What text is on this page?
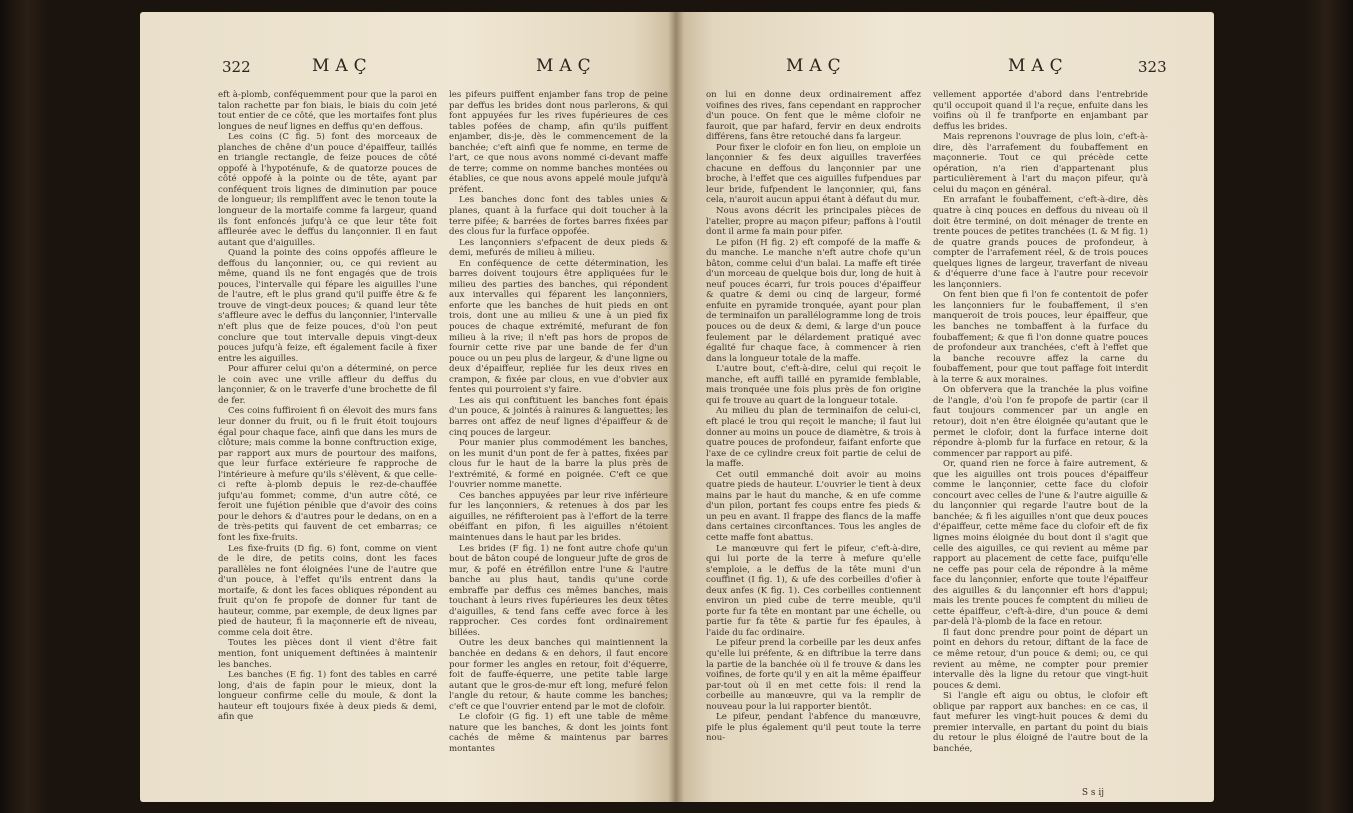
322	MAÇ	MAÇ

eft à-plomb, conféquemment pour que la paroi en talon rachette par fon biais, le biais du coin jeté tout entier de ce côté, que les mortaifes font plus longues de neuf lignes en deffus qu'en deffous.

Les coins (C fig. 5) font des morceaux de planches de chêne d'un pouce d'épaiffeur, taillés en triangle rectangle, de feize pouces de côté oppofé à l'hypoténufe, & de quatorze pouces de côté oppofé à la pointe ou de tête, ayant par conféquent trois lignes de diminution par pouce de longueur; ils rempliffent avec le tenon toute la longueur de la mortaife comme fa largeur, quand ils font enfoncés jufqu'à ce que leur tête foit affleurée avec le deffus du lançonnier. Il en faut autant que d'aiguilles.

Quand la pointe des coins oppofés affleure le deffous du lançonnier, ou, ce qui revient au même, quand ils ne font engagés que de trois pouces, l'intervalle qui fépare les aiguilles l'une de l'autre, eft le plus grand qu'il puiffe être & fe trouve de vingt-deux pouces; & quand leur tête s'affleure avec le deffus du lançonnier, l'intervalle n'eft plus que de feize pouces, d'où l'on peut conclure que tout intervalle depuis vingt-deux pouces jufqu'à feize, eft également facile à fixer entre les aiguilles.

Pour affurer celui qu'on a déterminé, on perce le coin avec une vrille affleur du deffus du lançonnier, & on le traverfe d'une brochette de fil de fer.

Ces coins fuffiroient fi on élevoit des murs fans leur donner du fruit, ou fi le fruit étoit toujours égal pour chaque face, ainfi que dans les murs de clôture; mais comme la bonne conftruction exige, par rapport aux murs de pourtour des maifons, que leur furface extérieure fe rapproche de l'intérieure à mefure qu'ils s'élèvent, & que celle-ci refte à-plomb depuis le rez-de-chauffée jufqu'au fommet; comme, d'un autre côté, ce feroit une fujétion pénible que d'avoir des coins pour le dehors & d'autres pour le dedans, on en a de très-petits qui fauvent de cet embarras; ce font les fixe-fruits.

Les fixe-fruits (D fig. 6) font, comme on vient de le dire, de petits coins, dont les faces parallèles ne font éloignées l'une de l'autre que d'un pouce, à l'effet qu'ils entrent dans la mortaife, & dont les faces obliques répondent au fruit qu'on fe propofe de donner fur tant de hauteur, comme, par exemple, de deux lignes par pied de hauteur, fi la maçonnerie eft de niveau, comme cela doit être.

Toutes les pièces dont il vient d'être fait mention, font uniquement deftinées à maintenir les banches.

Les banches (E fig. 1) font des tables en carré long, d'ais de fapin pour le mieux, dont la longueur confirme celle du moule, & dont la hauteur eft toujours fixée à deux pieds & demi, afin que

les pifeurs puiffent enjamber fans trop de peine par deffus les brides dont nous parlerons, & qui font appuyées fur les rives fupérieures de ces tables pofées de champ, afin qu'ils puiffent enjamber, dis-je, dès le commencement de la banchée; c'eft ainfi que fe nomme, en terme de l'art, ce que nous avons nommé ci-devant maffe de terre; comme on nomme banches montées ou établies, ce que nous avons appelé moule jufqu'à préfent.

Les banches donc font des tables unies & planes, quant à la furface qui doit toucher à la terre pifée; & barrées de fortes barres fixées par des clous fur la furface oppofée.

Les lançonniers s'efpacent de deux pieds & demi, mefurés de milieu à milieu.

En conféquence de cette détermination, les barres doivent toujours être appliquées fur le milieu des parties des banches, qui répondent aux intervalles qui féparent les lançonniers, enforte que les banches de huit pieds en ont trois, dont une au milieu & une à un pied fix pouces de chaque extrémité, mefurant de fon milieu à la rive; il n'eft pas hors de propos de fournir cette rive par une bande de fer d'un pouce ou un peu plus de largeur, & d'une ligne ou deux d'épaiffeur, repliée fur les deux rives en crampon, & fixée par clous, en vue d'obvier aux fentes qui pourroient s'y faire.

Les ais qui conftituent les banches font épais d'un pouce, & jointés à rainures & languettes; les barres ont affez de neuf lignes d'épaiffeur & de cinq pouces de largeur.

Pour manier plus commodément les banches, on les munit d'un pont de fer à pattes, fixées par clous fur le haut de la barre la plus près de l'extrémité, & formé en poignée. C'eft ce que l'ouvrier nomme manette.

Ces banches appuyées par leur rive inférieure fur les lançonniers, & retenues à dos par les aiguilles, ne réfifteroient pas à l'effort de la terre obéiffant en pifon, fi les aiguilles n'étoient maintenues dans le haut par les brides.

Les brides (F fig. 1) ne font autre chofe qu'un bout de bâton coupé de longueur jufte de gros de mur, & pofé en étréfillon entre l'une & l'autre banche au plus haut, tandis qu'une corde embraffe par deffus ces mêmes banches, mais touchant à leurs rives fupérieures les deux têtes d'aiguilles, & tend fans ceffe avec force à les rapprocher. Ces cordes font ordinairement billées.

Outre les deux banches qui maintiennent la banchée en dedans & en dehors, il faut encore pour former les angles en retour, foit d'équerre, foit de fauffe-équerre, une petite table large autant que le gros-de-mur eft long, mefuré felon l'angle du retour, & haute comme les banches; c'eft ce que l'ouvrier entend par le mot de clofoir.

Le clofoir (G fig. 1) eft une table de même nature que les banches, & dont les joints font cachés de même & maintenus par barres montantes

MAÇ	MAÇ	323

on lui en donne deux ordinairement affez voifines des rives, fans cependant en rapprocher d'un pouce. On fent que le même clofoir ne fauroit, que par hafard, fervir en deux endroits différens, fans être retouché dans fa largeur.

Pour fixer le clofoir en fon lieu, on emploie un lançonnier & fes deux aiguilles traverfées chacune en deffous du lançonnier par une broche, à l'effet que ces aiguilles fufpendues par leur bride, fufpendent le lançonnier, qui, fans cela, n'auroit aucun appui étant à défaut du mur.

Nous avons décrit les principales pièces de l'atelier, propre au maçon pifeur; paffons à l'outil dont il arme fa main pour pifer.

Le pifon (H fig. 2) eft compofé de la maffe & du manche. Le manche n'eft autre chofe qu'un bâton, comme celui d'un balai. La maffe eft tirée d'un morceau de quelque bois dur, long de huit à neuf pouces écarri, fur trois pouces d'épaiffeur & quatre & demi ou cinq de largeur, formé enfuite en pyramide tronquée, ayant pour plan de terminaifon un parallélogramme long de trois pouces ou de deux & demi, & large d'un pouce feulement par le délardement pratiqué avec égalité fur chaque face, à commencer à rien dans la longueur totale de la maffe.

L'autre bout, c'eft-à-dire, celui qui reçoit le manche, eft auffi taillé en pyramide femblable, mais tronquée une fois plus près de fon origine qui fe trouve au quart de la longueur totale.

Au milieu du plan de terminaifon de celui-ci, eft placé le trou qui reçoit le manche; il faut lui donner au moins un pouce de diamètre, & trois à quatre pouces de profondeur, faifant enforte que l'axe de ce cylindre creux foit partie de celui de la maffe.

Cet outil emmanché doit avoir au moins quatre pieds de hauteur. L'ouvrier le tient à deux mains par le haut du manche, & en ufe comme d'un pilon, portant fes coups entre fes pieds & un peu en avant. Il frappe des flancs de la maffe dans certaines circonftances. Tous les angles de cette maffe font abattus.

Le manœuvre qui fert le pifeur, c'eft-à-dire, qui lui porte de la terre à mefure qu'elle s'emploie, a le deffus de la tête muni d'un couffinet (I fig. 1), & ufe des corbeilles d'ofier à deux anfes (K fig. 1). Ces corbeilles contiennent environ un pied cube de terre meuble, qu'il porte fur fa tête en montant par une échelle, ou partie fur fa tête & partie fur fes épaules, à l'aide du fac ordinaire.

Le pifeur prend la corbeille par les deux anfes qu'elle lui préfente, & en diftribue la terre dans la partie de la banchée où il fe trouve & dans les voifines, de forte qu'il y en ait la même épaiffeur par-tout où il en met cette fois: il rend la corbeille au manœuvre, qui va la remplir de nouveau pour la lui rapporter bientôt.

Le pifeur, pendant l'abfence du manœuvre, pife le plus également qu'il peut toute la terre nou-

vellement apportée d'abord dans l'entrebride qu'il occupoit quand il l'a reçue, enfuite dans les voifins où il fe tranfporte en enjambant par deffus les brides.

Mais reprenons l'ouvrage de plus loin, c'eft-à-dire, dès l'arrafement du foubaffement en maçonnerie. Tout ce qui précède cette opération, n'a rien d'appartenant plus particulièrement à l'art du maçon pifeur, qu'à celui du maçon en général.

En arrafant le foubaffement, c'eft-à-dire, dès quatre à cinq pouces en deffous du niveau où il doit être terminé, on doit ménager de trente en trente pouces de petites tranchées (L & M fig. 1) de quatre grands pouces de profondeur, à compter de l'arrafement réel, & de trois pouces quelques lignes de largeur, traverfant de niveau & d'équerre d'une face à l'autre pour recevoir les lançonniers.

On fent bien que fi l'on fe contentoit de pofer les lançonniers fur le foubaffement, il s'en manqueroit de trois pouces, leur épaiffeur, que les banches ne tombaffent à la furface du foubaffement; & que fi l'on donne quatre pouces de profondeur aux tranchées, c'eft à l'effet que la banche recouvre affez la carne du foubaffement, pour que tout paffage foit interdit à la terre & aux moraines.

On obfervera que la tranchée la plus voifine de l'angle, d'où l'on fe propofe de partir (car il faut toujours commencer par un angle en retour), doit n'en être éloignée qu'autant que le permet le clofoir, dont la furface interne doit répondre à-plomb fur la furface en retour, & la commencer par rapport au pifé.

Or, quand rien ne force à faire autrement, & que les aiguilles ont trois pouces d'épaiffeur comme le lançonnier, cette face du clofoir concourt avec celles de l'une & l'autre aiguille & du lançonnier qui regarde l'autre bout de la banchée; & fi les aiguilles n'ont que deux pouces d'épaiffeur, cette même face du clofoir eft de fix lignes moins éloignée du bout dont il s'agit que celle des aiguilles, ce qui revient au même par rapport au placement de cette face, puifqu'elle ne ceffe pas pour cela de répondre à la même face du lançonnier, enforte que toute l'épaiffeur des aiguilles & du lançonnier eft hors d'appui; mais les trente pouces fe comptent du milieu de cette épaiffeur, c'eft-à-dire, d'un pouce & demi par-delà l'à-plomb de la face en retour.

Il faut donc prendre pour point de départ un point en dehors du retour, diftant de la face de ce même retour, d'un pouce & demi; ou, ce qui revient au même, ne compter pour premier intervalle dès la ligne du retour que vingt-huit pouces & demi.

Si l'angle eft aigu ou obtus, le clofoir eft oblique par rapport aux banches: en ce cas, il faut mefurer les vingt-huit pouces & demi du premier intervalle, en partant du point du biais du retour le plus éloigné de l'autre bout de la banchée,

S s ij
